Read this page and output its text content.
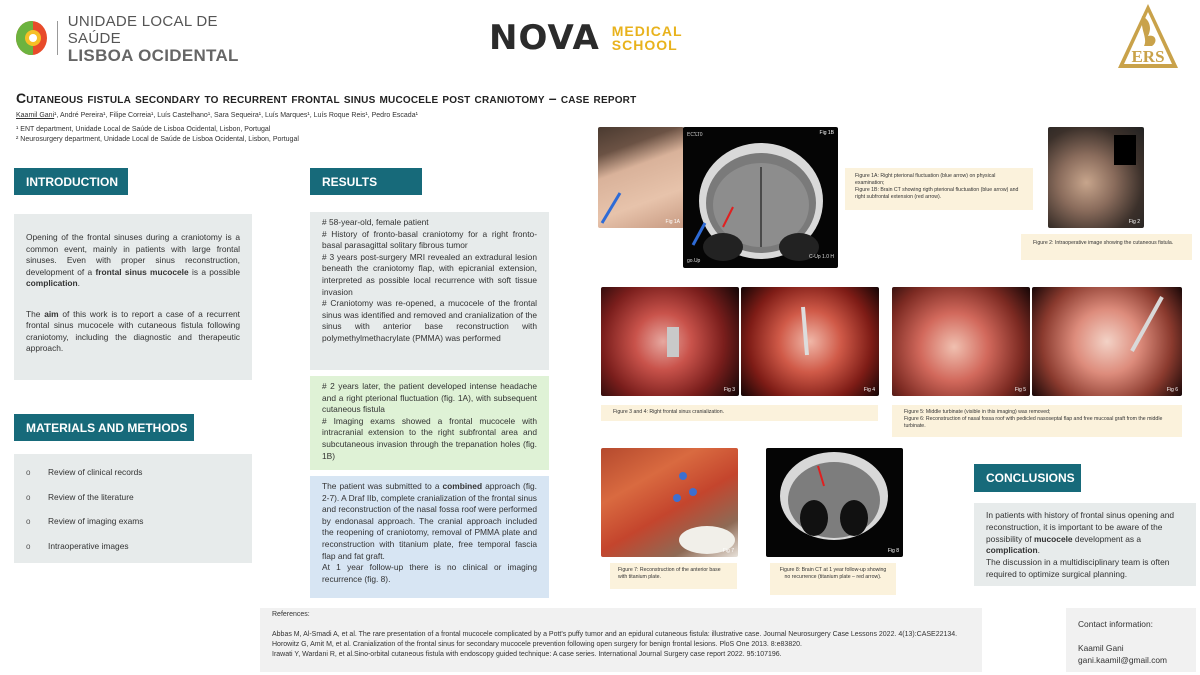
UNIDADE LOCAL DE SAÚDE
LISBOA OCIDENTAL	NOVA MEDICAL
SCHOOL
ERS
Cutaneous fistula secondary to recurrent frontal sinus mucocele post craniotomy – case report
Kaamil Gani¹, André Pereira¹, Filipe Correia¹, Luís Castelhano¹, Sara Sequeira¹, Luís Marques¹, Luís Roque Reis¹, Pedro Escada¹
¹ ENT department, Unidade Local de Saúde de Lisboa Ocidental, Lisbon, Portugal
² Neurosurgery department, Unidade Local de Saúde de Lisboa Ocidental, Lisbon, Portugal
INTRODUCTION

Opening of the frontal sinuses during a craniotomy is a common event, mainly in patients with large frontal sinuses. Even with proper sinus reconstruction, development of a frontal sinus mucocele is a possible complication.

The aim of this work is to report a case of a recurrent frontal sinus mucocele with cutaneous fistula following craniotomy, including the diagnostic and therapeutic approach.

MATERIALS AND METHODS
o	Review of clinical records
o	Review of the literature
o	Review of imaging exams
o	Intraoperative images
RESULTS
# 58-year-old, female patient
# History of fronto-basal craniotomy for a right fronto-basal parasagittal solitary fibrous tumor
# 3 years post-surgery MRI revealed an extradural lesion beneath the craniotomy flap, with epicranial extension, interpreted as possible local recurrence with soft tissue invasion
# Craniotomy was re-opened, a mucocele of the frontal sinus was identified and removed and cranialization of the sinus with anterior base reconstruction with polymethylmethacrylate (PMMA) was performed
# 2 years later, the patient developed intense headache and a right pterional fluctuation (fig. 1A), with subsequent cutaneous fistula
# Imaging exams showed a frontal mucocele with intracranial extension to the right subfrontal area and subcutaneous invasion through the trepanation holes (fig. 1B)
The patient was submitted to a combined approach (fig. 2-7). A Draf IIb, complete cranialization of the frontal sinus and reconstruction of the nasal fossa roof were performed by endonasal approach. The cranial approach included the reopening of craniotomy, removal of PMMA plate and reconstruction with titanium plate, free temporal fascia flap and fat graft.
At 1 year follow-up there is no clinical or imaging recurrence (fig. 8).
Fig 1A
ECZ10	Fig 1B
go.Up
C-Up 1.0 H
Figure 1A: Right pterional fluctuation (blue arrow) on physical examination;
Figure 1B: Brain CT showing rigth pterional fluctuation (blue arrow) and right subfrontal extension (red arrow).
Fig 2
Figure 2: Intraoperative image showing the cutaneous fistula.
Fig 3	Fig 4	Fig 5	Fig 6
Figure 3 and 4: Right frontal sinus cranialization.	Figure 5: Middle turbinate (visible in this imaging) was removed;
Figure 6: Reconstruction of nasal fossa roof with pedicled nasoseptal flap and free mucosal graft from the middle turbinate.
Fig 7	Fig 8
Figure 7: Reconstruction of the anterior base with titanium plate.
Figure 8: Brain CT at 1 year follow-up showing no recurrence (titanium plate – red arrow).
CONCLUSIONS

In patients with history of frontal sinus opening and reconstruction, it is important to be aware of the possibility of mucocele development as a complication.

The discussion in a multidisciplinary team is often required to optimize surgical planning.

References:
Abbas M, Al-Smadi A, et al. The rare presentation of a frontal mucocele complicated by a Pott's puffy tumor and an epidural cutaneous fistula: illustrative case. Journal Neurosurgery Case Lessons 2022. 4(13):CASE22134.
Horowitz G, Amit M, et al. Cranialization of the frontal sinus for secondary mucocele prevention following open surgery for benign frontal lesions. PloS One 2013. 8:e83820.
Irawati Y, Wardani R, et al.Sino-orbital cutaneous fistula with endoscopy guided technique: A case series. International Journal Surgery case report 2022. 95:107196.
Contact information:
Kaamil Gani
gani.kaamil@gmail.com
